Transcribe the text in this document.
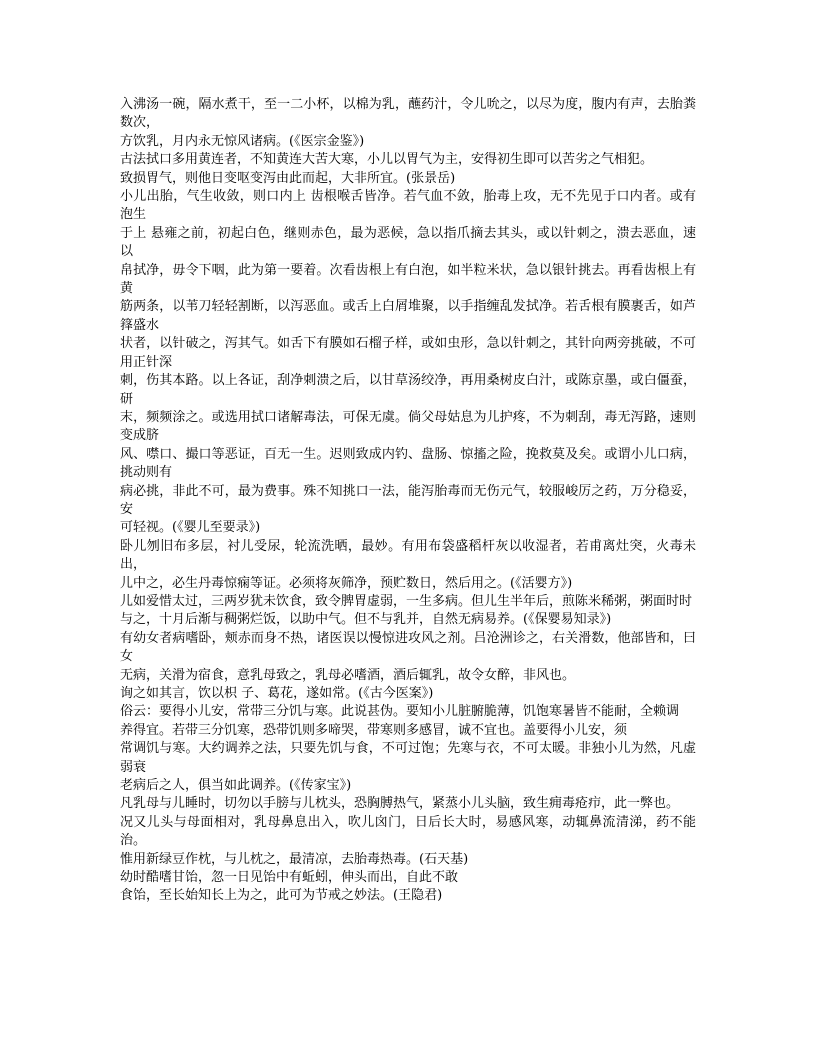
入沸汤一碗，隔水煮干，至一二小杯，以棉为乳，蘸药汁，令儿吮之，以尽为度，腹内有声，去胎粪数次，

方饮乳，月内永无惊风诸病。(《医宗金鉴》)

古法拭口多用黄连者，不知黄连大苦大寒，小儿以胃气为主，安得初生即可以苦劣之气相犯。

致损胃气，则他日变呕变泻由此而起，大非所宜。(张景岳)

小儿出胎，气生收敛，则口内上 齿根喉舌皆净。若气血不敛，胎毒上攻，无不先见于口内者。或有泡生

于上 悬雍之前，初起白色，继则赤色，最为恶候，急以指爪摘去其头，或以针刺之，溃去恶血，速以

帛拭净，毋令下咽，此为第一要着。次看齿根上有白泡，如半粒米状，急以银针挑去。再看齿根上有黄

筋两条，以苇刀轻轻割断，以泻恶血。或舌上白屑堆聚，以手指缠乱发拭净。若舌根有膜裹舌，如芦箨盛水

状者，以针破之，泻其气。如舌下有膜如石榴子样，或如虫形，急以针刺之，其针向两旁挑破，不可用正针深

刺，伤其本路。以上各证，刮净刺溃之后，以甘草汤绞净，再用桑树皮白汁，或陈京墨，或白僵蚕，研

末，频频涂之。或选用拭口诸解毒法，可保无虞。倘父母姑息为儿护疼，不为刺刮，毒无泻路，速则变成脐

风、噤口、撮口等恶证，百无一生。迟则致成内钓、盘肠、惊搐之险，挽救莫及矣。或谓小儿口病，挑动则有

病必挑，非此不可，最为费事。殊不知挑口一法，能泻胎毒而无伤元气，较服峻厉之药，万分稳妥，安

可轻视。(《婴儿至要录》)

卧儿刎旧布多层，衬儿受尿，轮流洗晒，最妙。有用布袋盛稻杆灰以收湿者，若甫离灶突，火毒未出，

儿中之，必生丹毒惊痫等证。必须将灰筛净，预贮数日，然后用之。(《活婴方》)

儿如爱惜太过，三两岁犹未饮食，致令脾胃虚弱，一生多病。但儿生半年后，煎陈米稀粥，粥面时时

与之，十月后渐与稠粥烂饭，以助中气。但不与乳并，自然无病易养。(《保婴易知录》)

有幼女者病嗜卧，颊赤而身不热，诸医误以慢惊进攻风之剂。吕沧洲诊之，右关滑数，他部皆和，曰女

无病，关滑为宿食，意乳母致之，乳母必嗜酒，酒后辄乳，故令女醉，非风也。

询之如其言，饮以枳 子、葛花，遂如常。(《古今医案》)

俗云：要得小儿安，常带三分饥与寒。此说甚伪。要知小儿脏腑脆薄，饥饱寒暑皆不能耐，全赖调

养得宜。若带三分饥寒，恐带饥则多啼哭，带寒则多感冒，诚不宜也。盖要得小儿安，须

常调饥与寒。大约调养之法，只要先饥与食，不可过饱；先寒与衣，不可太暖。非独小儿为然，凡虚弱衰

老病后之人，俱当如此调养。(《传家宝》)

凡乳母与儿睡时，切勿以手膀与儿枕头，恐胸膊热气，紧蒸小儿头脑，致生痈毒疮疖，此一弊也。

况又儿头与母面相对，乳母鼻息出入，吹儿囟门，日后长大时，易感风寒，动辄鼻流清涕，药不能治。

惟用新绿豆作枕，与儿枕之，最清凉，去胎毒热毒。(石天基)

幼时酷嗜甘饴，忽一日见饴中有蚯蚓，伸头而出，自此不敢

食饴，至长始知长上为之，此可为节戒之妙法。(王隐君)
